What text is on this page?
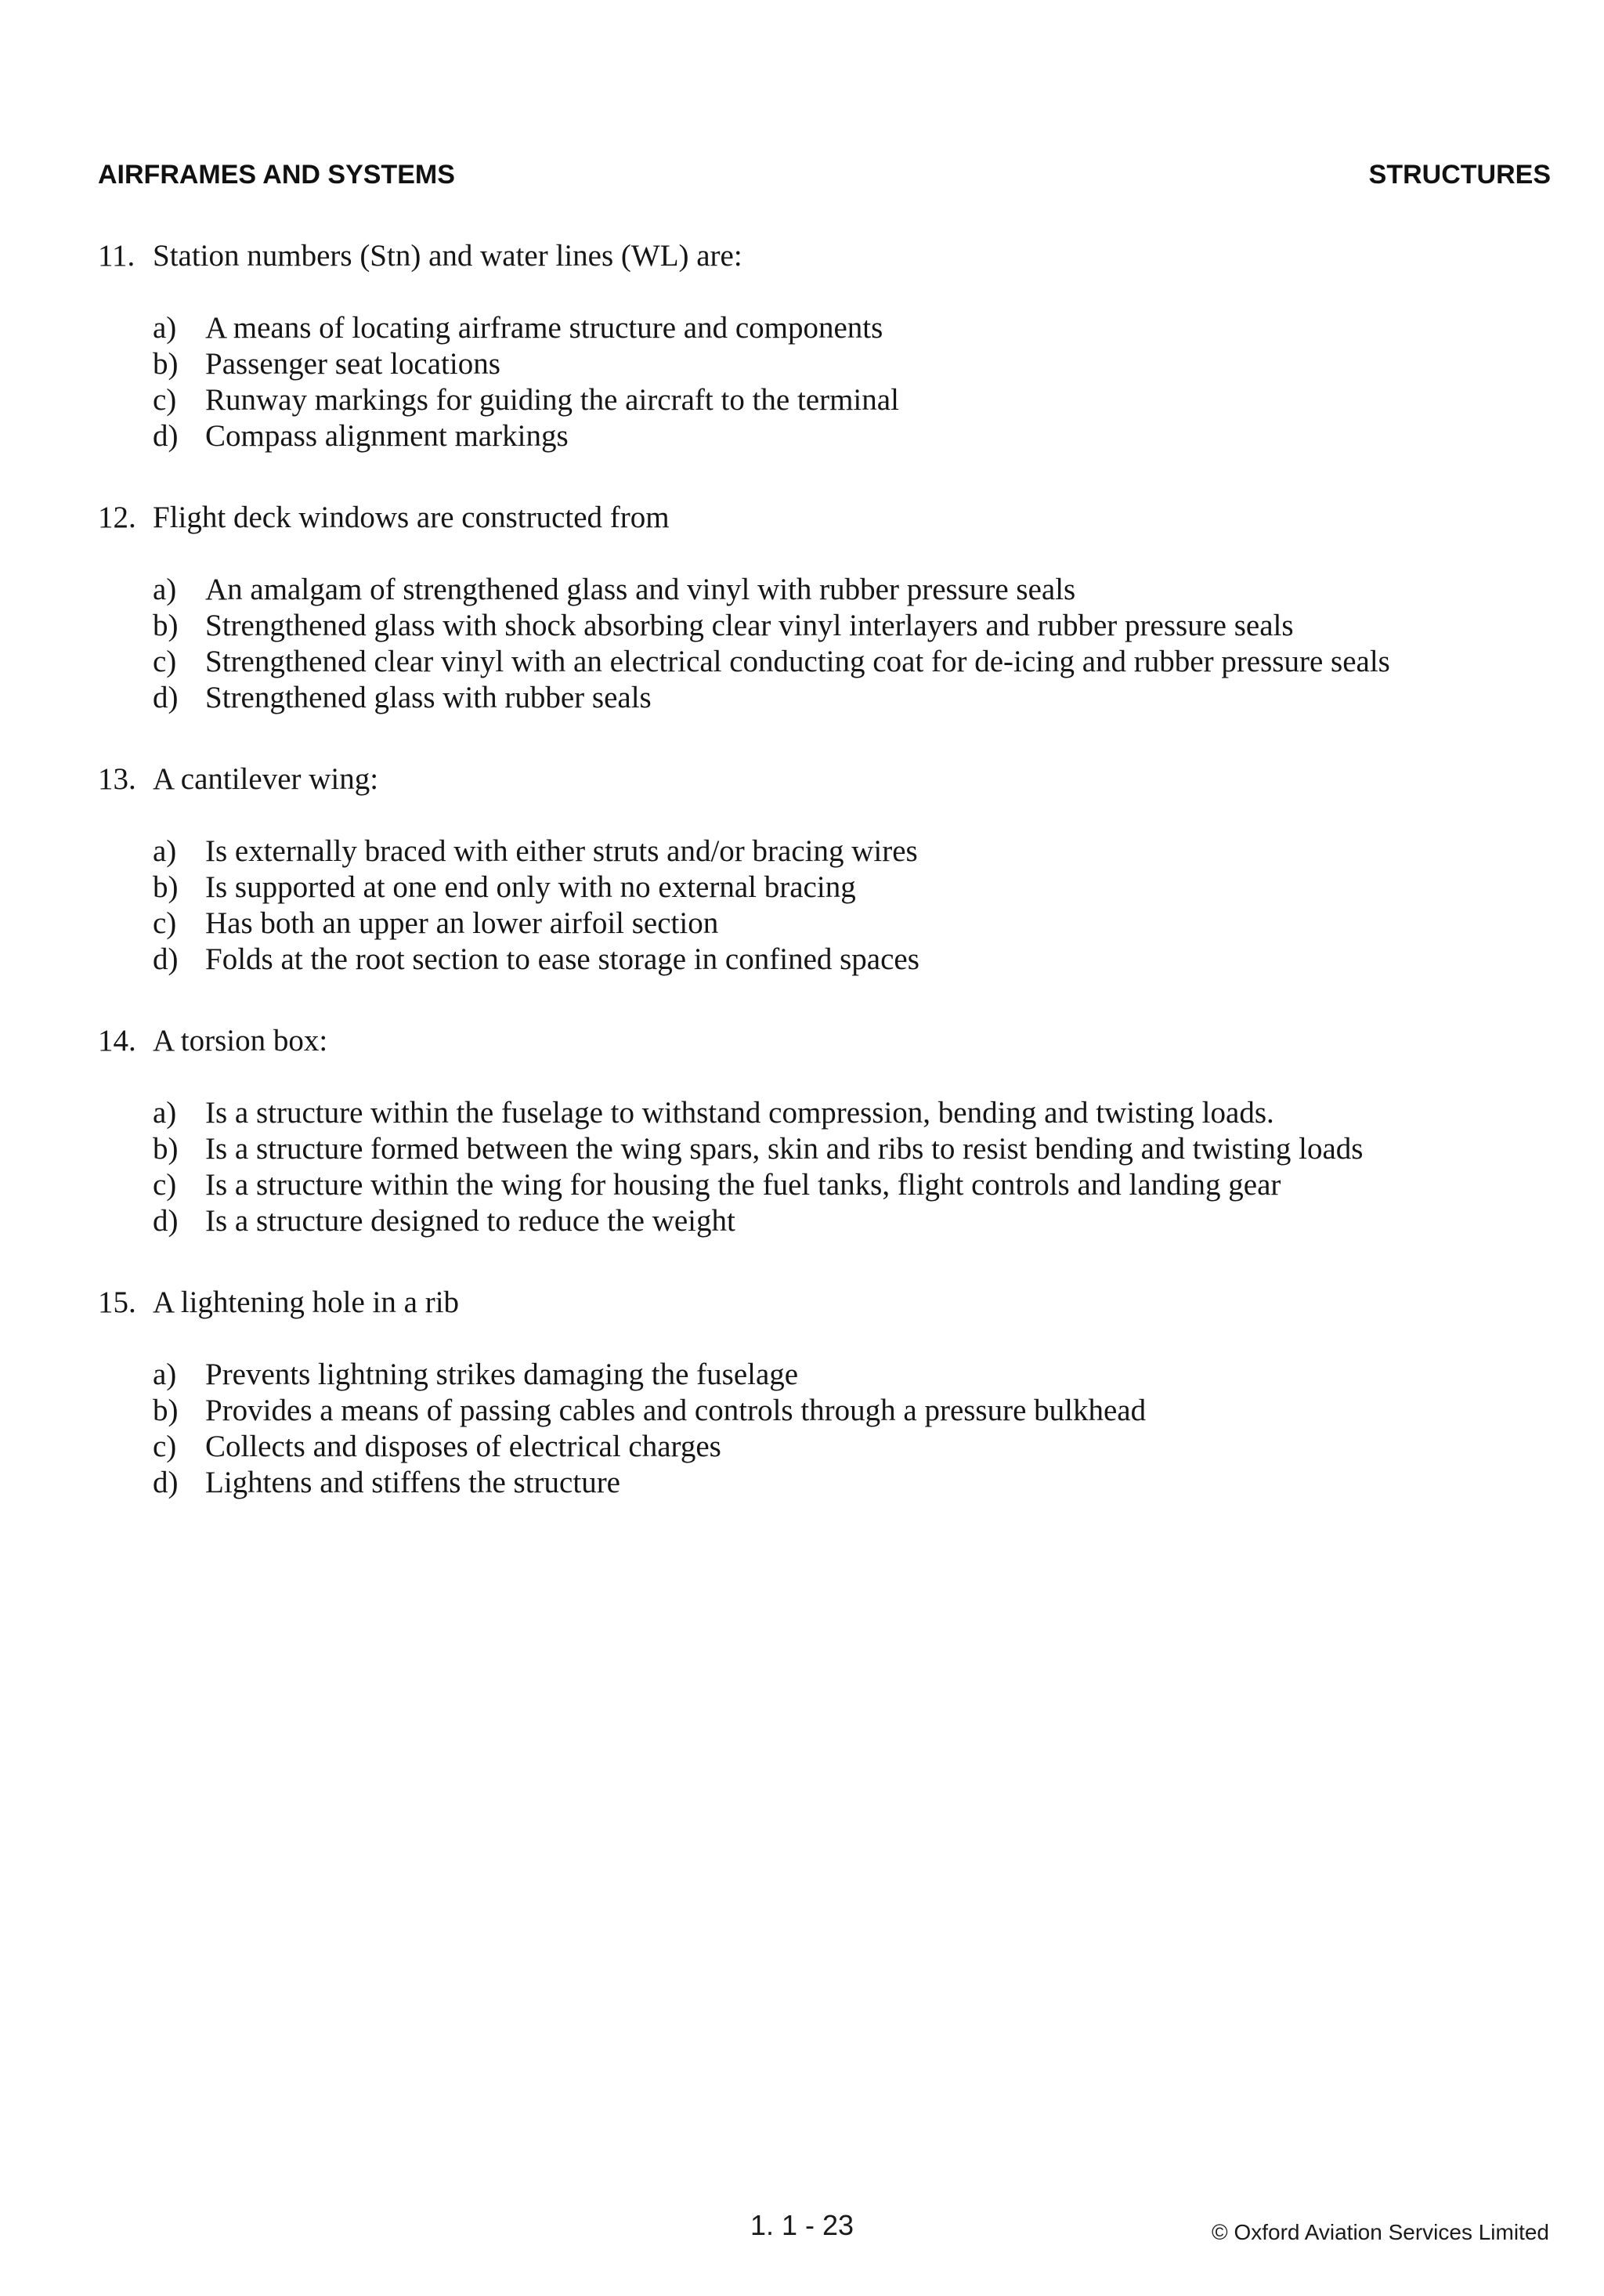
AIRFRAMES AND SYSTEMS	STRUCTURES
11. Station numbers (Stn) and water lines (WL) are:
a) A means of locating airframe structure and components
b) Passenger seat locations
c) Runway markings for guiding the aircraft to the terminal
d) Compass alignment markings
12. Flight deck windows are constructed from
a) An amalgam of strengthened glass and vinyl with rubber pressure seals
b) Strengthened glass with shock absorbing clear vinyl interlayers and rubber pressure seals
c) Strengthened clear vinyl with an electrical conducting coat for de-icing and rubber pressure seals
d) Strengthened glass with rubber seals
13. A cantilever wing:
a) Is externally braced with either struts and/or bracing wires
b) Is supported at one end only with no external bracing
c) Has both an upper an lower airfoil section
d) Folds at the root section to ease storage in confined spaces
14. A torsion box:
a) Is a structure within the fuselage to withstand compression, bending and twisting loads.
b) Is a structure formed between the wing spars, skin and ribs to resist bending and twisting loads
c) Is a structure within the wing for housing the fuel tanks, flight controls and landing gear
d) Is a structure designed to reduce the weight
15. A lightening hole in a rib
a) Prevents lightning strikes damaging the fuselage
b) Provides a means of passing cables and controls through a pressure bulkhead
c) Collects and disposes of electrical charges
d) Lightens and stiffens the structure
1. 1 - 23	© Oxford Aviation Services Limited
